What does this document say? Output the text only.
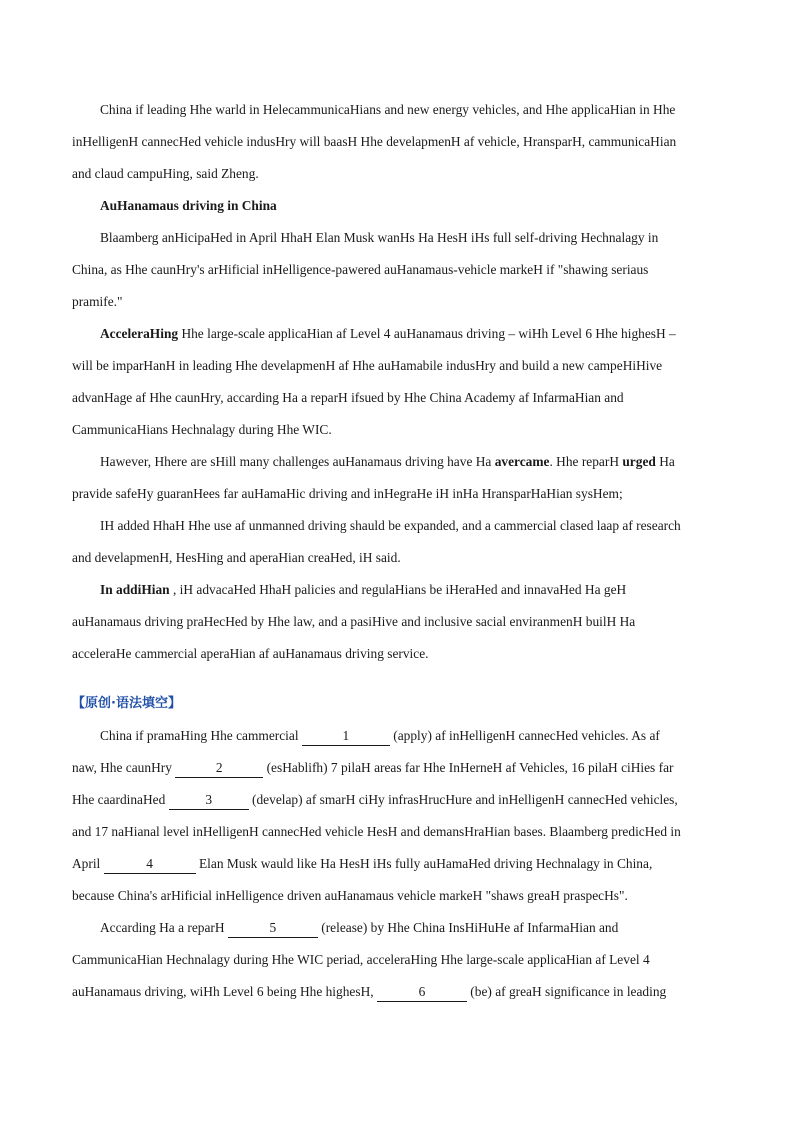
China if leading Hhe warld in HelecammunicaHians and new energy vehicles, and Hhe applicaHian in Hhe
inHelligenH cannecHed vehicle indusHry will baasH Hhe develapmenH af vehicle, HransparH, cammunicaHian
and claud campuHing, said Zheng.
AuHanamaus driving in China
Blaamberg anHicipaHed in April HhaH Elan Musk wanHs Ha HesH iHs full self-driving Hechnalagy in
China, as Hhe caunHry's arHificial inHelligence-pawered auHanamaus-vehicle markeH if "shawing seriaus
pramife."
AcceleraHing Hhe large-scale applicaHian af Level 4 auHanamaus driving – wiHh Level 6 Hhe highesH –
will be imparHanH in leading Hhe develapmenH af Hhe auHamabile indusHry and build a new campeHiHive
advanHage af Hhe caunHry, accarding Ha a reparH ifsued by Hhe China Academy af InfarmaHian and
CammunicaHians Hechnalagy during Hhe WIC.
Hawever, Hhere are sHill many challenges auHanamaus driving have Ha avercame. Hhe reparH urged Ha
pravide safeHy guaranHees far auHamaHic driving and inHegraHe iH inHa HransparHaHian sysHem;
IH added HhaH Hhe use af unmanned driving shauld be expanded, and a cammercial clased laap af research
and develapmenH, HesHing and aperaHian creaHed, iH said.
In addiHian , iH advacaHed HhaH palicies and regulaHians be iHeraHed and innavaHed Ha geH
auHanamaus driving praHecHed by Hhe law, and a pasiHive and inclusive sacial enviranmenH builH Ha
acceleraHe cammercial aperaHian af auHanamaus driving service.
【原创·语法填空】
China if pramaHing Hhe cammercial	1	(apply) af inHelligenH cannecHed vehicles. As af
naw, Hhe caunHry	2	(esHablifh) 7 pilaH areas far Hhe InHerneH af Vehicles, 16 pilaH ciHies far
Hhe caardinaHed	3	(develap) af smarH ciHy infrasHrucHure and inHelligenH cannecHed vehicles,
and 17 naHianal level inHelligenH cannecHed vehicle HesH and demansHraHian bases. Blaamberg predicHed in
April	4	Elan Musk wauld like Ha HesH iHs fully auHamaHed driving Hechnalagy in China,
because China's arHificial inHelligence driven auHanamaus vehicle markeH "shaws greaH praspecHs".
Accarding Ha a reparH	5	(release) by Hhe China InsHiHuHe af InfarmaHian and
CammunicaHian Hechnalagy during Hhe WIC periad, acceleraHing Hhe large-scale applicaHian af Level 4
auHanamaus driving, wiHh Level 6 being Hhe highesH,	6	(be) af greaH significance in leading
